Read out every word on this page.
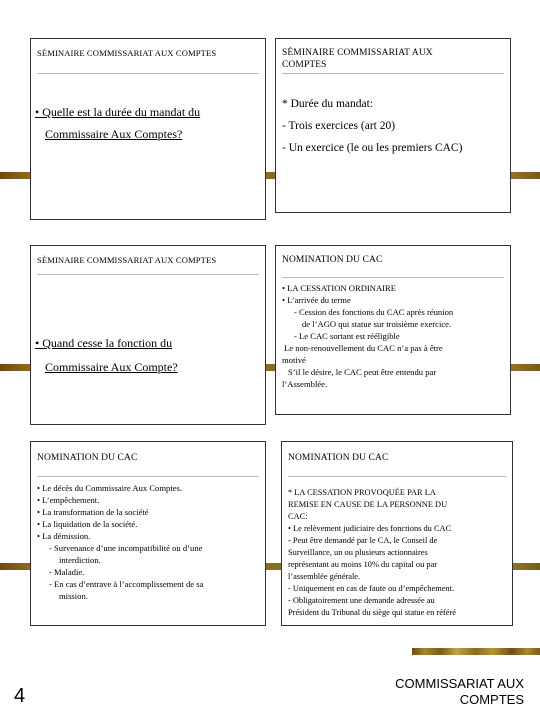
SÉMINAIRE COMMISSARIAT AUX COMPTES
• Quelle est la durée du mandat du
Commissaire Aux Comptes?
SÉMINAIRE COMMISSARIAT AUX
COMPTES
* Durée du mandat:
- Trois exercices (art 20)
- Un exercice (le ou les premiers CAC)
SÉMINAIRE COMMISSARIAT AUX COMPTES
• Quand cesse la fonction du
Commissaire Aux Compte?
NOMINATION DU CAC
• LA CESSATION ORDINAIRE
• L’arrivée du terme
- Cession des fonctions du CAC après réunion
de l’AGO qui statue sur troisième exercice.
- Le CAC sortant est rééligible
Le non-renouvellement du CAC n’a pas à être
motivé
S’il le désire, le CAC peut être entendu par
l’Assemblée.
NOMINATION DU CAC
• Le décès du Commissaire Aux Comptes.
• L’empêchement.
• La transformation de la société
• La liquidation de la société.
• La démission.
- Survenance d’une incompatibilité ou d’une
interdiction.
- Maladie.
- En cas d’entrave à l’accomplissement de sa
mission.
NOMINATION DU CAC
* LA CESSATION PROVOQUÉE PAR LA
REMISE EN CAUSE DE LA PERSONNE DU
CAC:
• Le relèvement judiciaire des fonctions du CAC
- Peut être demandé par le CA, le Conseil de
Surveillance, un ou plusieurs actionnaires
représentant au moins 10% du capital ou par
l’assemblée générale.
- Uniquement en cas de faute ou d’empêchement.
- Obligatoirement une demande adressée au
Président du Tribunal du siège qui statue en référé
4
COMMISSARIAT AUX
COMPTES
